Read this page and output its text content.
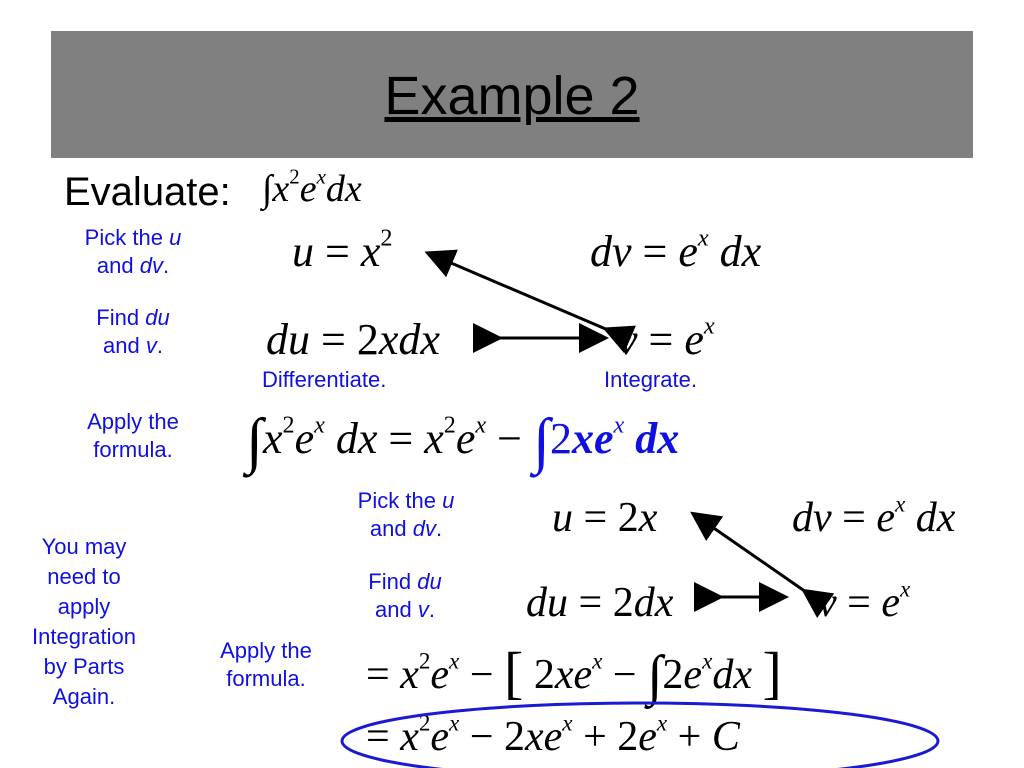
Example 2
Evaluate: $\int x^2e^xdx$
Pick the u
and dv.
Find du
and v.
Differentiate.	Integrate.
Apply the
formula.
Pick the u
and dv.
Find du
and v.
Apply the
formula.
You may
need to
apply
Integration
by Parts
Again.
$u = x^2$	dv = $e^x$ dx
du = 2xdx	$v = e^x$
$\int x^2e^x$ dx = $x^2e^x - \int 2xe^x$ dx
u = 2x	dv = $e^x$ dx
du = 2dx	$v = e^x$
= $x^2e^x$ − [ $2xe^x - \int 2e^xdx$ ]
= $x^2e^x - 2xe^x + 2e^x + C$
